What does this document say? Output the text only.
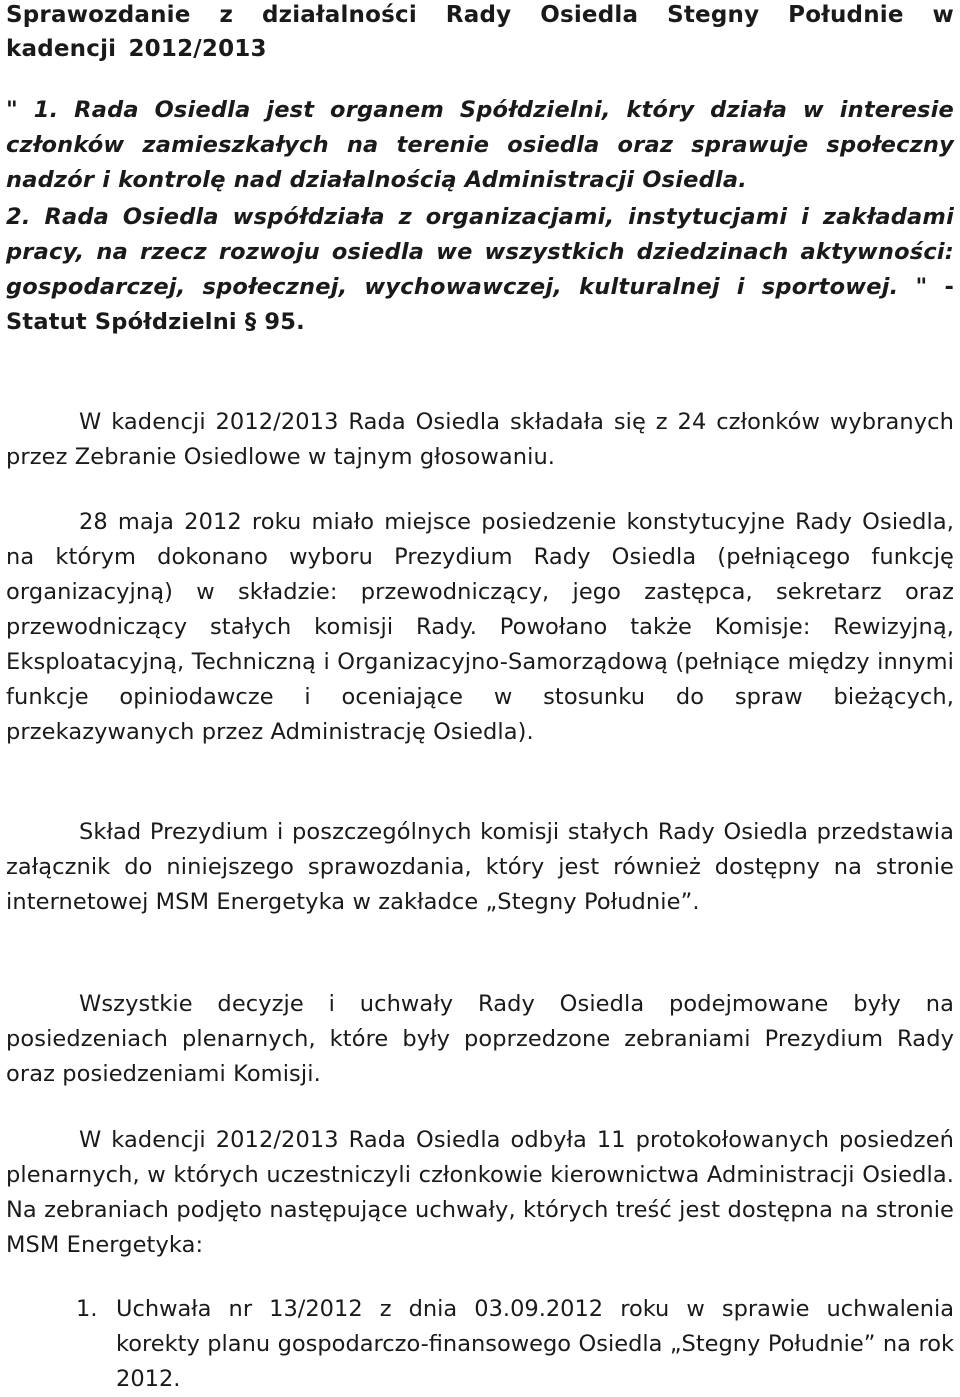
Sprawozdanie z działalności Rady Osiedla Stegny Południe w kadencji 2012/2013

" 1. Rada Osiedla jest organem Spółdzielni, który działa w interesie członków zamieszkałych na terenie osiedla oraz sprawuje społeczny nadzór i kontrolę nad działalnością Administracji Osiedla.

2. Rada Osiedla współdziała z organizacjami, instytucjami i zakładami pracy, na rzecz rozwoju osiedla we wszystkich dziedzinach aktywności: gospodarczej, społecznej, wychowawczej, kulturalnej i sportowej. " -Statut Spółdzielni § 95.

W kadencji 2012/2013 Rada Osiedla składała się z 24 członków wybranych przez Zebranie Osiedlowe w tajnym głosowaniu.

28 maja 2012 roku miało miejsce posiedzenie konstytucyjne Rady Osiedla, na którym dokonano wyboru Prezydium Rady Osiedla (pełniącego funkcję organizacyjną) w składzie: przewodniczący, jego zastępca, sekretarz oraz przewodniczący stałych komisji Rady. Powołano także Komisje: Rewizyjną, Eksploatacyjną, Techniczną i Organizacyjno-Samorządową (pełniące między innymi funkcje opiniodawcze i oceniające w stosunku do spraw bieżących, przekazywanych przez Administrację Osiedla).

Skład Prezydium i poszczególnych komisji stałych Rady Osiedla przedstawia załącznik do niniejszego sprawozdania, który jest również dostępny na stronie internetowej MSM Energetyka w zakładce „Stegny Południe”.

Wszystkie decyzje i uchwały Rady Osiedla podejmowane były na posiedzeniach plenarnych, które były poprzedzone zebraniami Prezydium Rady oraz posiedzeniami Komisji.

W kadencji 2012/2013 Rada Osiedla odbyła 11 protokołowanych posiedzeń plenarnych, w których uczestniczyli członkowie kierownictwa Administracji Osiedla. Na zebraniach podjęto następujące uchwały, których treść jest dostępna na stronie MSM Energetyka:

1. Uchwała nr 13/2012 z dnia 03.09.2012 roku w sprawie uchwalenia korekty planu gospodarczo-finansowego Osiedla „Stegny Południe” na rok 2012.
